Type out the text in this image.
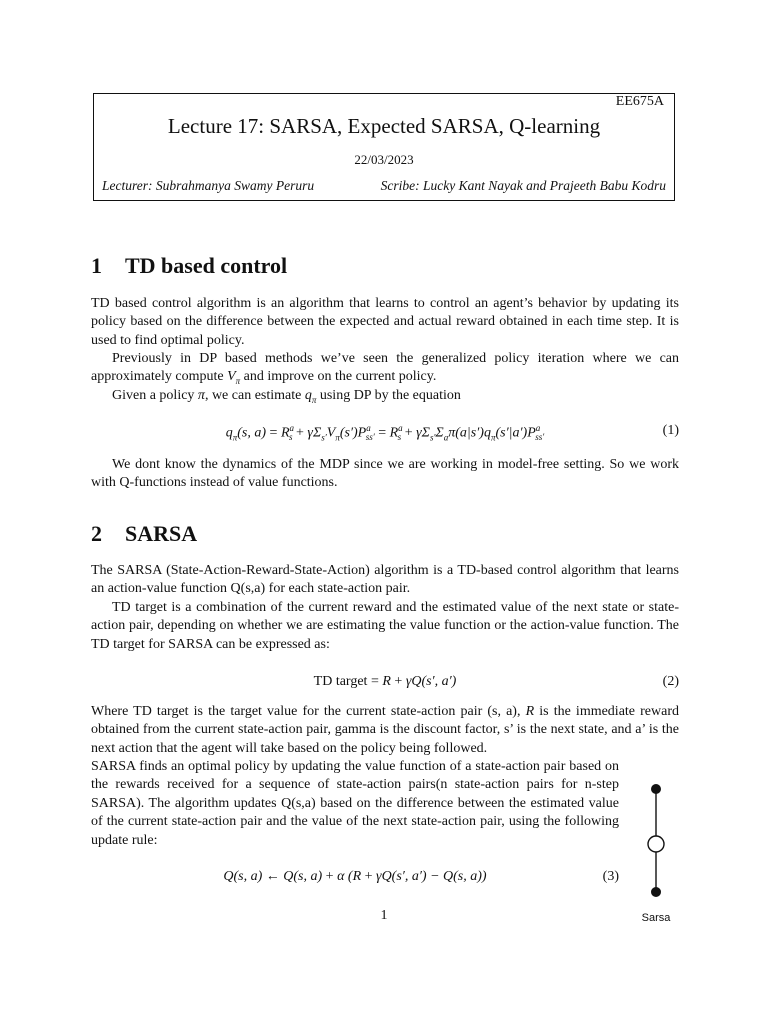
EE675A
Lecture 17: SARSA, Expected SARSA, Q-learning
22/03/2023
Lecturer: Subrahmanya Swamy Peruru	Scribe: Lucky Kant Nayak and Prajeeth Babu Kodru
1 TD based control

TD based control algorithm is an algorithm that learns to control an agent’s behavior by updating its policy based on the difference between the expected and actual reward obtained in each time step. It is used to find optimal policy.

Previously in DP based methods we’ve seen the generalized policy iteration where we can approximately compute $V_\pi$ and improve on the current policy.

Given a policy π, we can estimate $q_\pi$ using DP by the equation

$q_\pi(s$, $a) = R^a_s + \gamma\Sigma_{s'}V_\pi(s')P^a_{ss'} = R^a_s + \gamma\Sigma_{s'}\Sigma_a\pi(a|s')q_\pi(s'|a')P^a_{ss'}$	(1)

We dont know the dynamics of the MDP since we are working in model-free setting. So we work with Q-functions instead of value functions.

2 SARSA

The SARSA (State-Action-Reward-State-Action) algorithm is a TD-based control algorithm that learns an action-value function Q(s,a) for each state-action pair.

TD target is a combination of the current reward and the estimated value of the next state or state-action pair, depending on whether we are estimating the value function or the action-value function. The TD target for SARSA can be expressed as:

TD target = R + γQ(s′, a′)	(2)

Where TD target is the target value for the current state-action pair (s, a), R is the immediate reward obtained from the current state-action pair, gamma is the discount factor, s’ is the next state, and a’ is the next action that the agent will take based on the policy being followed.

SARSA finds an optimal policy by updating the value function of a state-action pair based on the rewards received for a sequence of state-action pairs(n state-action pairs for n-step SARSA). The algorithm updates Q(s,a) based on the difference between the estimated value of the current state-action pair and the value of the next state-action pair, using the following update rule:

Q(s, a) ← Q(s, a) + α (R + γQ(s′, a′) − Q(s, a))	(3)
Sarsa
1
